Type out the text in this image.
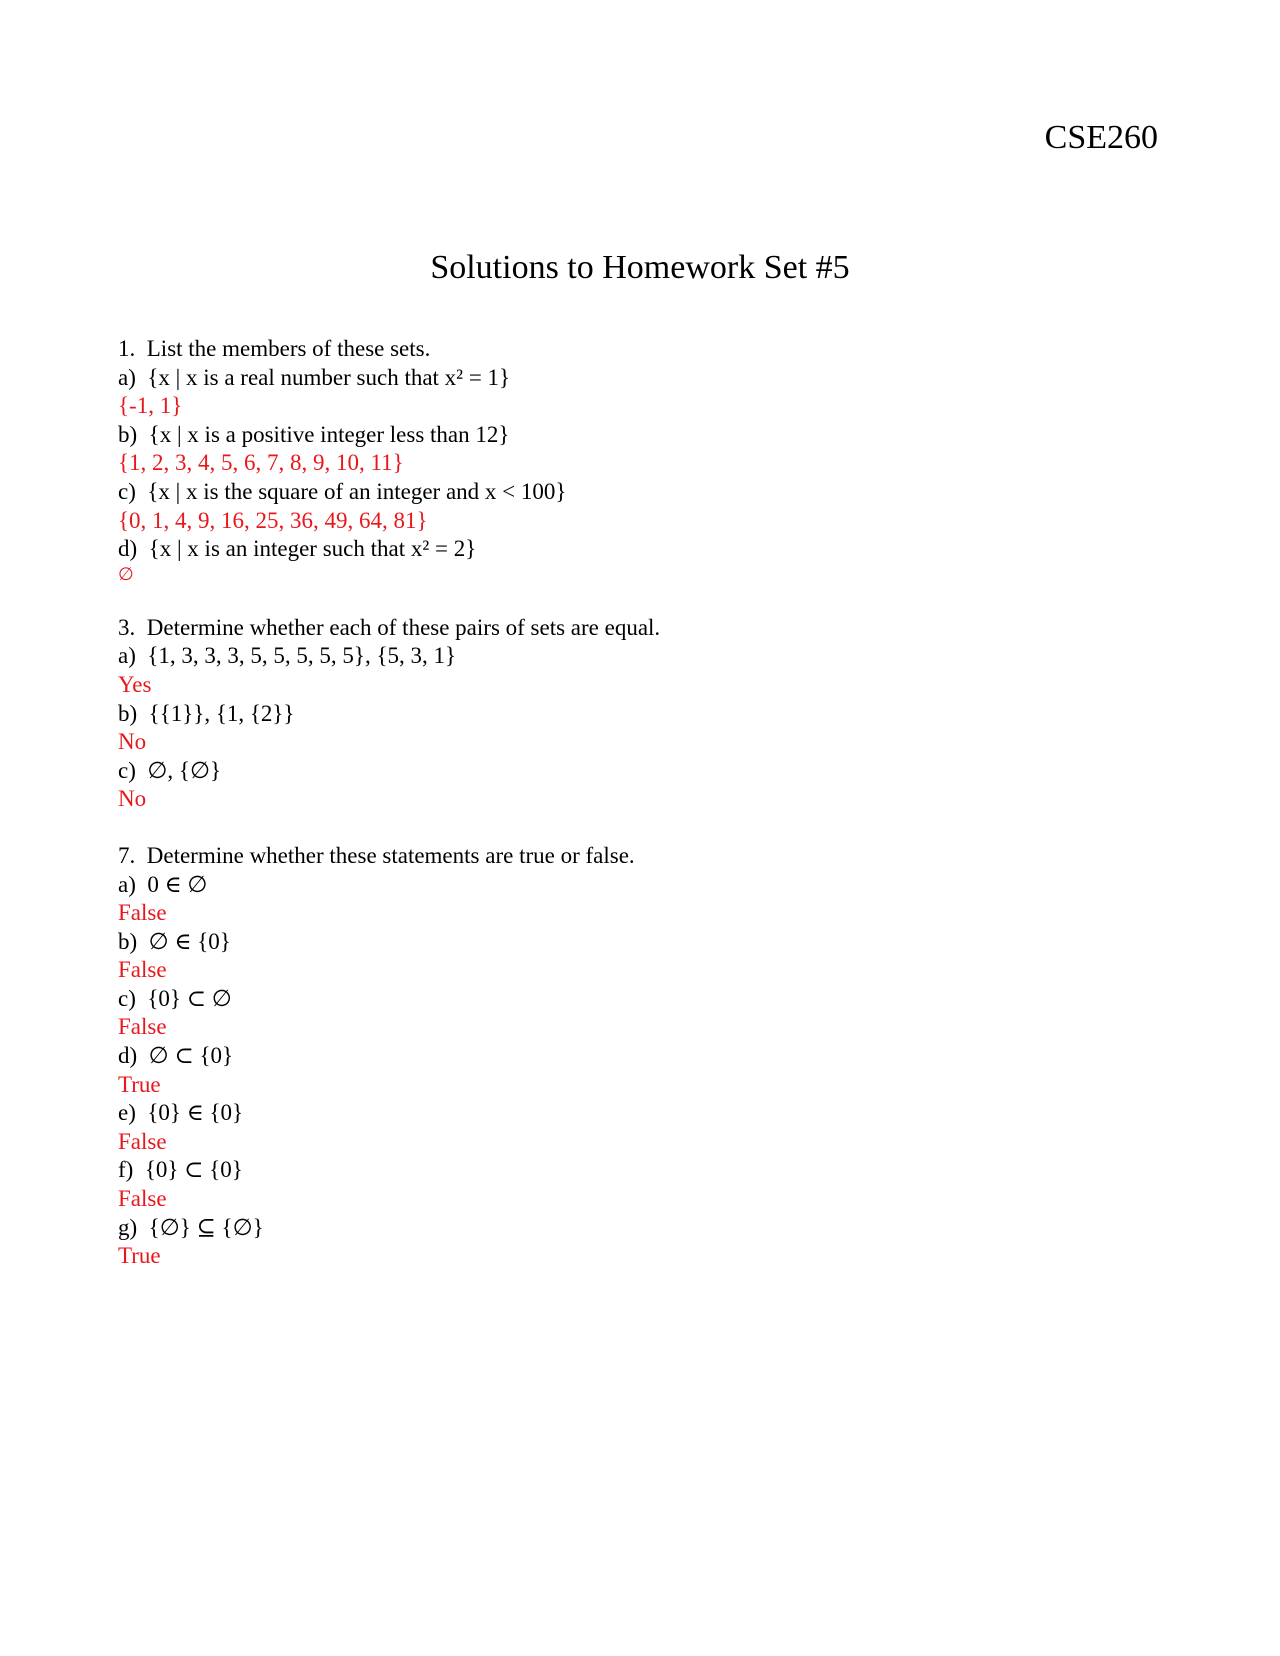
CSE260
Solutions to Homework Set #5
1.  List the members of these sets.
a)  {x | x is a real number such that x² = 1}
{-1, 1}
b)  {x | x is a positive integer less than 12}
{1, 2, 3, 4, 5, 6, 7, 8, 9, 10, 11}
c)  {x | x is the square of an integer and x < 100}
{0, 1, 4, 9, 16, 25, 36, 49, 64, 81}
d)  {x | x is an integer such that x² = 2}
∅
3.  Determine whether each of these pairs of sets are equal.
a)  {1, 3, 3, 3, 5, 5, 5, 5, 5}, {5, 3, 1}
Yes
b)  {{1}}, {1, {2}}
No
c)  ∅, {∅}
No
7.  Determine whether these statements are true or false.
a)  0 ∈ ∅
False
b)  ∅ ∈ {0}
False
c)  {0} ⊂ ∅
False
d)  ∅ ⊂ {0}
True
e)  {0} ∈ {0}
False
f)  {0} ⊂ {0}
False
g)  {∅} ⊆ {∅}
True
